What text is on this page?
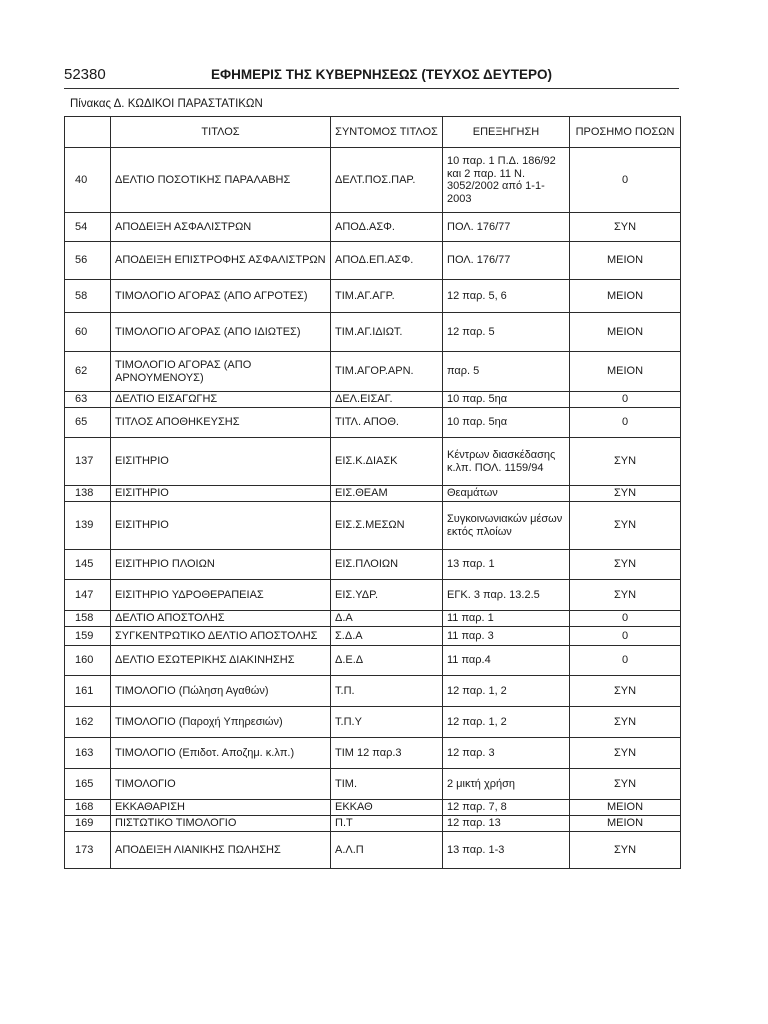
52380	ΕΦΗΜΕΡΙΣ ΤΗΣ ΚΥΒΕΡΝΗΣΕΩΣ (ΤΕΥΧΟΣ ΔΕΥΤΕΡΟ)
Πίνακας Δ. ΚΩΔΙΚΟΙ ΠΑΡΑΣΤΑΤΙΚΩΝ
	ΤΙΤΛΟΣ	ΣΥΝΤΟΜΟΣ ΤΙΤΛΟΣ	ΕΠΕΞΗΓΗΣΗ	ΠΡΟΣΗΜΟ ΠΟΣΩΝ
40	ΔΕΛΤΙΟ ΠΟΣΟΤΙΚΗΣ ΠΑΡΑΛΑΒΗΣ	ΔΕΛΤ.ΠΟΣ.ΠΑΡ.	10 παρ. 1 Π.Δ. 186/92 και 2 παρ. 11 Ν. 3052/2002 από 1-1-2003	0
54	ΑΠΟΔΕΙΞΗ ΑΣΦΑΛΙΣΤΡΩΝ	ΑΠΟΔ.ΑΣΦ.	ΠΟΛ. 176/77	ΣΥΝ
56	ΑΠΟΔΕΙΞΗ ΕΠΙΣΤΡΟΦΗΣ ΑΣΦΑΛΙΣΤΡΩΝ	ΑΠΟΔ.ΕΠ.ΑΣΦ.	ΠΟΛ. 176/77	ΜΕΙΟΝ
58	ΤΙΜΟΛΟΓΙΟ ΑΓΟΡΑΣ (ΑΠΟ ΑΓΡΟΤΕΣ)	ΤΙΜ.ΑΓ.ΑΓΡ.	12 παρ. 5, 6	ΜΕΙΟΝ
60	ΤΙΜΟΛΟΓΙΟ ΑΓΟΡΑΣ (ΑΠΟ ΙΔΙΩΤΕΣ)	ΤΙΜ.ΑΓ.ΙΔΙΩΤ.	12 παρ. 5	ΜΕΙΟΝ
62	ΤΙΜΟΛΟΓΙΟ ΑΓΟΡΑΣ (ΑΠΟ ΑΡΝΟΥΜΕΝΟΥΣ)	ΤΙΜ.ΑΓΟΡ.ΑΡΝ.	παρ. 5	ΜΕΙΟΝ
63	ΔΕΛΤΙΟ ΕΙΣΑΓΩΓΗΣ	ΔΕΛ.ΕΙΣΑΓ.	10 παρ. 5ηα	0
65	ΤΙΤΛΟΣ ΑΠΟΘΗΚΕΥΣΗΣ	ΤΙΤΛ. ΑΠΟΘ.	10 παρ. 5ηα	0
137	ΕΙΣΙΤΗΡΙΟ	ΕΙΣ.Κ.ΔΙΑΣΚ	Κέντρων διασκέδασης κ.λπ. ΠΟΛ. 1159/94	ΣΥΝ
138	ΕΙΣΙΤΗΡΙΟ	ΕΙΣ.ΘΕΑΜ	Θεαμάτων	ΣΥΝ
139	ΕΙΣΙΤΗΡΙΟ	ΕΙΣ.Σ.ΜΕΣΩΝ	Συγκοινωνιακών μέσων εκτός πλοίων	ΣΥΝ
145	ΕΙΣΙΤΗΡΙΟ ΠΛΟΙΩΝ	ΕΙΣ.ΠΛΟΙΩΝ	13 παρ. 1	ΣΥΝ
147	ΕΙΣΙΤΗΡΙΟ ΥΔΡΟΘΕΡΑΠΕΙΑΣ	ΕΙΣ.ΥΔΡ.	ΕΓΚ. 3 παρ. 13.2.5	ΣΥΝ
158	ΔΕΛΤΙΟ ΑΠΟΣΤΟΛΗΣ	Δ.Α	11 παρ. 1	0
159	ΣΥΓΚΕΝΤΡΩΤΙΚΟ ΔΕΛΤΙΟ ΑΠΟΣΤΟΛΗΣ	Σ.Δ.Α	11 παρ. 3	0
160	ΔΕΛΤΙΟ ΕΣΩΤΕΡΙΚΗΣ ΔΙΑΚΙΝΗΣΗΣ	Δ.Ε.Δ	11 παρ.4	0
161	ΤΙΜΟΛΟΓΙΟ (Πώληση Αγαθών)	Τ.Π.	12 παρ. 1, 2	ΣΥΝ
162	ΤΙΜΟΛΟΓΙΟ (Παροχή Υπηρεσιών)	Τ.Π.Υ	12 παρ. 1, 2	ΣΥΝ
163	ΤΙΜΟΛΟΓΙΟ (Επιδοτ. Αποζημ. κ.λπ.)	ΤΙΜ 12 παρ.3	12 παρ. 3	ΣΥΝ
165	ΤΙΜΟΛΟΓΙΟ	ΤΙΜ.	2 μικτή χρήση	ΣΥΝ
168	ΕΚΚΑΘΑΡΙΣΗ	ΕΚΚΑΘ	12 παρ. 7, 8	ΜΕΙΟΝ
169	ΠΙΣΤΩΤΙΚΟ ΤΙΜΟΛΟΓΙΟ	Π.Τ	12 παρ. 13	ΜΕΙΟΝ
173	ΑΠΟΔΕΙΞΗ ΛΙΑΝΙΚΗΣ ΠΩΛΗΣΗΣ	Α.Λ.Π	13 παρ. 1-3	ΣΥΝ
